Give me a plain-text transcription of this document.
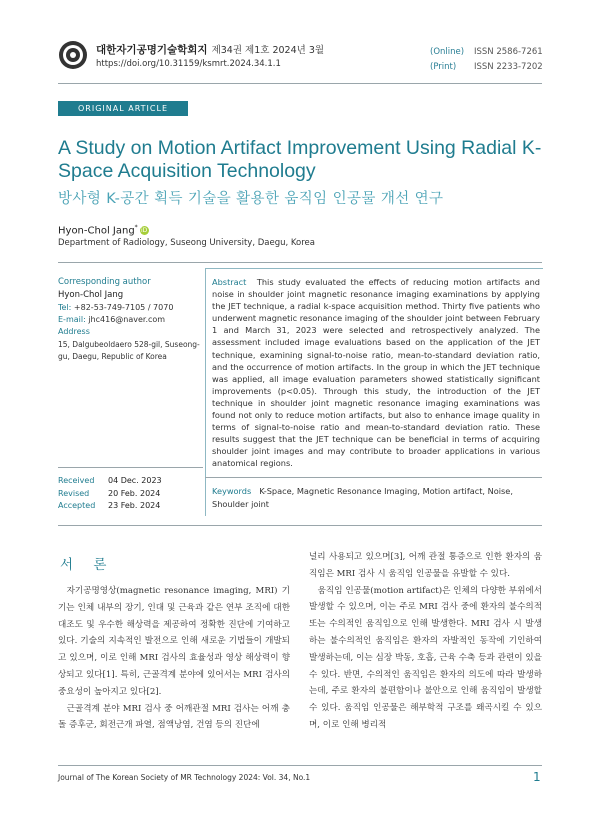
대한자기공명기술학회지 제34권 제1호 2024년 3월
https://doi.org/10.31159/ksmrt.2024.34.1.1
(Online) ISSN 2586-7261
(Print) ISSN 2233-7202
ORIGINAL ARTICLE
A Study on Motion Artifact Improvement Using Radial K-Space Acquisition Technology
방사형 K-공간 획득 기술을 활용한 움직임 인공물 개선 연구
Hyon-Chol Jang* iD
Department of Radiology, Suseong University, Daegu, Korea
Corresponding author
Hyon-Chol Jang
Tel: +82-53-749-7105 / 7070
E-mail: jhc416@naver.com
Address
15, Dalgubeoldaero 528-gil, Suseong-gu, Daegu, Republic of Korea
Received 04 Dec. 2023
Revised 20 Feb. 2024
Accepted 23 Feb. 2024
Abstract This study evaluated the effects of reducing motion artifacts and noise in shoulder joint magnetic resonance imaging examinations by applying the JET technique, a radial k-space acquisition method. Thirty five patients who underwent magnetic resonance imaging of the shoulder joint between February 1 and March 31, 2023 were selected and retrospectively analyzed. The assessment included image evaluations based on the application of the JET technique, examining signal-to-noise ratio, mean-to-standard deviation ratio, and the occurrence of motion artifacts. In the group in which the JET technique was applied, all image evaluation parameters showed statistically significant improvements (p<0.05). Through this study, the introduction of the JET technique in shoulder joint magnetic resonance imaging examinations was found not only to reduce motion artifacts, but also to enhance image quality in terms of signal-to-noise ratio and mean-to-standard deviation ratio. These results suggest that the JET technique can be beneficial in terms of acquiring shoulder joint images and may contribute to broader applications in various anatomical regions.
Keywords K-Space, Magnetic Resonance Imaging, Motion artifact, Noise, Shoulder joint
서 론

자기공명영상(magnetic resonance imaging, MRI) 기기는 인체 내부의 장기, 인대 및 근육과 같은 연부 조직에 대한 대조도 및 우수한 해상력을 제공하여 정확한 진단에 기여하고 있다. 기술의 지속적인 발전으로 인해 새로운 기법들이 개발되고 있으며, 이로 인해 MRI 검사의 효율성과 영상 해상력이 향상되고 있다[1]. 특히, 근골격계 분야에 있어서는 MRI 검사의 중요성이 높아지고 있다[2].

근골격계 분야 MRI 검사 중 어깨관절 MRI 검사는 어깨 충돌 증후군, 회전근개 파열, 점액낭염, 건염 등의 진단에

널리 사용되고 있으며[3], 어깨 관절 통증으로 인한 환자의 움직임은 MRI 검사 시 움직임 인공물을 유발할 수 있다.

움직임 인공물(motion artifact)은 인체의 다양한 부위에서 발생할 수 있으며, 이는 주로 MRI 검사 중에 환자의 불수의적 또는 수의적인 움직임으로 인해 발생한다. MRI 검사 시 발생하는 불수의적인 움직임은 환자의 자발적인 동작에 기인하여 발생하는데, 이는 심장 박동, 호흡, 근육 수축 등과 관련이 있을 수 있다. 반면, 수의적인 움직임은 환자의 의도에 따라 발생하는데, 주로 환자의 불편함이나 불안으로 인해 움직임이 발생할 수 있다. 움직임 인공물은 해부학적 구조를 왜곡시킬 수 있으며, 이로 인해 병리적

Journal of The Korean Society of MR Technology 2024: Vol. 34, No.1	1
